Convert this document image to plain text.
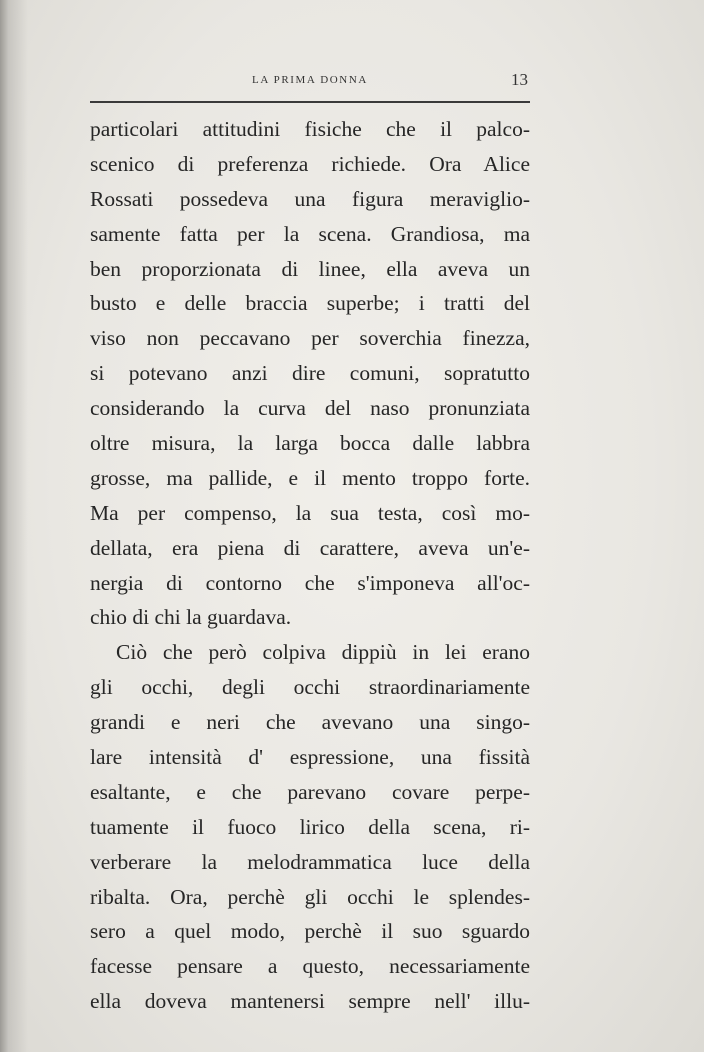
LA PRIMA DONNA	13
particolari attitudini fisiche che il palco-
scenico di preferenza richiede. Ora Alice
Rossati possedeva una figura meraviglio-
samente fatta per la scena. Grandiosa, ma
ben proporzionata di linee, ella aveva un
busto e delle braccia superbe; i tratti del
viso non peccavano per soverchia finezza,
si potevano anzi dire comuni, sopratutto
considerando la curva del naso pronunziata
oltre misura, la larga bocca dalle labbra
grosse, ma pallide, e il mento troppo forte.
Ma per compenso, la sua testa, così mo-
dellata, era piena di carattere, aveva un'e-
nergia di contorno che s'imponeva all'oc-
chio di chi la guardava.
Ciò che però colpiva dippiù in lei erano
gli occhi, degli occhi straordinariamente
grandi e neri che avevano una singo-
lare intensità d' espressione, una fissità
esaltante, e che parevano covare perpe-
tuamente il fuoco lirico della scena, ri-
verberare la melodrammatica luce della
ribalta. Ora, perchè gli occhi le splendes-
sero a quel modo, perchè il suo sguardo
facesse pensare a questo, necessariamente
ella doveva mantenersi sempre nell' illu-
